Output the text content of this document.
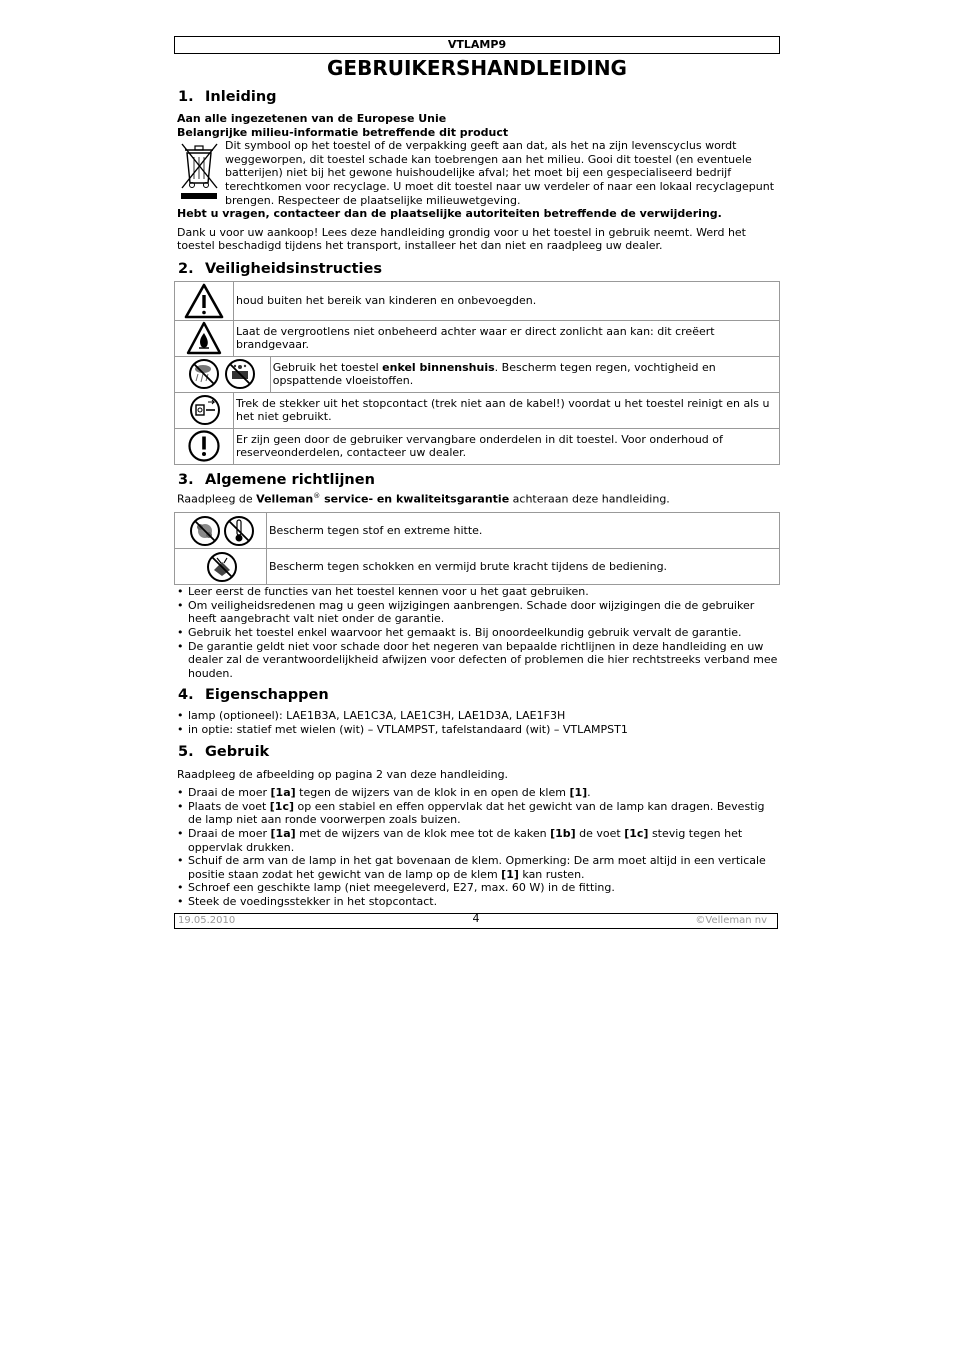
VTLAMP9
GEBRUIKERSHANDLEIDING
1. Inleiding

Aan alle ingezetenen van de Europese Unie

Belangrijke milieu-informatie betreffende dit product

Dit symbool op het toestel of de verpakking geeft aan dat, als het na zijn levenscyclus wordt weggeworpen, dit toestel schade kan toebrengen aan het milieu. Gooi dit toestel (en eventuele batterijen) niet bij het gewone huishoudelijke afval; het moet bij een gespecialiseerd bedrijf terechtkomen voor recyclage. U moet dit toestel naar uw verdeler of naar een lokaal recyclagepunt brengen. Respecteer de plaatselijke milieuwetgeving.

Hebt u vragen, contacteer dan de plaatselijke autoriteiten betreffende de verwijdering.

Dank u voor uw aankoop! Lees deze handleiding grondig voor u het toestel in gebruik neemt. Werd het toestel beschadigd tijdens het transport, installeer het dan niet en raadpleeg uw dealer.

2. Veiligheidsinstructies
	houd buiten het bereik van kinderen en onbevoegden.	

	Laat de vergrootlens niet onbeheerd achter waar er direct zonlicht aan kan: dit creëert brandgevaar.	

	Gebruik het toestel enkel binnenshuis. Bescherm tegen regen, vochtigheid en opspattende vloeistoffen.

	Trek de stekker uit het stopcontact (trek niet aan de kabel!) voordat u het toestel reinigt en als u het niet gebruikt.	

	Er zijn geen door de gebruiker vervangbare onderdelen in dit toestel. Voor onderhoud of reserveonderdelen, contacteer uw dealer.	
3. Algemene richtlijnen

Raadpleeg de Velleman® service- en kwaliteitsgarantie achteraan deze handleiding.

	Bescherm tegen stof en extreme hitte.

	Bescherm tegen schokken en vermijd brute kracht tijdens de bediening.
• Leer eerst de functies van het toestel kennen voor u het gaat gebruiken.
• Om veiligheidsredenen mag u geen wijzigingen aanbrengen. Schade door wijzigingen die de gebruiker heeft aangebracht valt niet onder de garantie.
• Gebruik het toestel enkel waarvoor het gemaakt is. Bij onoordeelkundig gebruik vervalt de garantie.
• De garantie geldt niet voor schade door het negeren van bepaalde richtlijnen in deze handleiding en uw dealer zal de verantwoordelijkheid afwijzen voor defecten of problemen die hier rechtstreeks verband mee houden.
4. Eigenschappen
• lamp (optioneel): LAE1B3A, LAE1C3A, LAE1C3H, LAE1D3A, LAE1F3H
• in optie: statief met wielen (wit) – VTLAMPST, tafelstandaard (wit) – VTLAMPST1
5. Gebruik

Raadpleeg de afbeelding op pagina 2 van deze handleiding.

• Draai de moer [1a] tegen de wijzers van de klok in en open de klem [1].
• Plaats de voet [1c] op een stabiel en effen oppervlak dat het gewicht van de lamp kan dragen. Bevestig de lamp niet aan ronde voorwerpen zoals buizen.
• Draai de moer [1a] met de wijzers van de klok mee tot de kaken [1b] de voet [1c] stevig tegen het oppervlak drukken.
• Schuif de arm van de lamp in het gat bovenaan de klem. Opmerking: De arm moet altijd in een verticale positie staan zodat het gewicht van de lamp op de klem [1] kan rusten.
• Schroef een geschikte lamp (niet meegeleverd, E27, max. 60 W) in de fitting.
• Steek de voedingsstekker in het stopcontact.
19.05.2010	4	©Velleman nv
